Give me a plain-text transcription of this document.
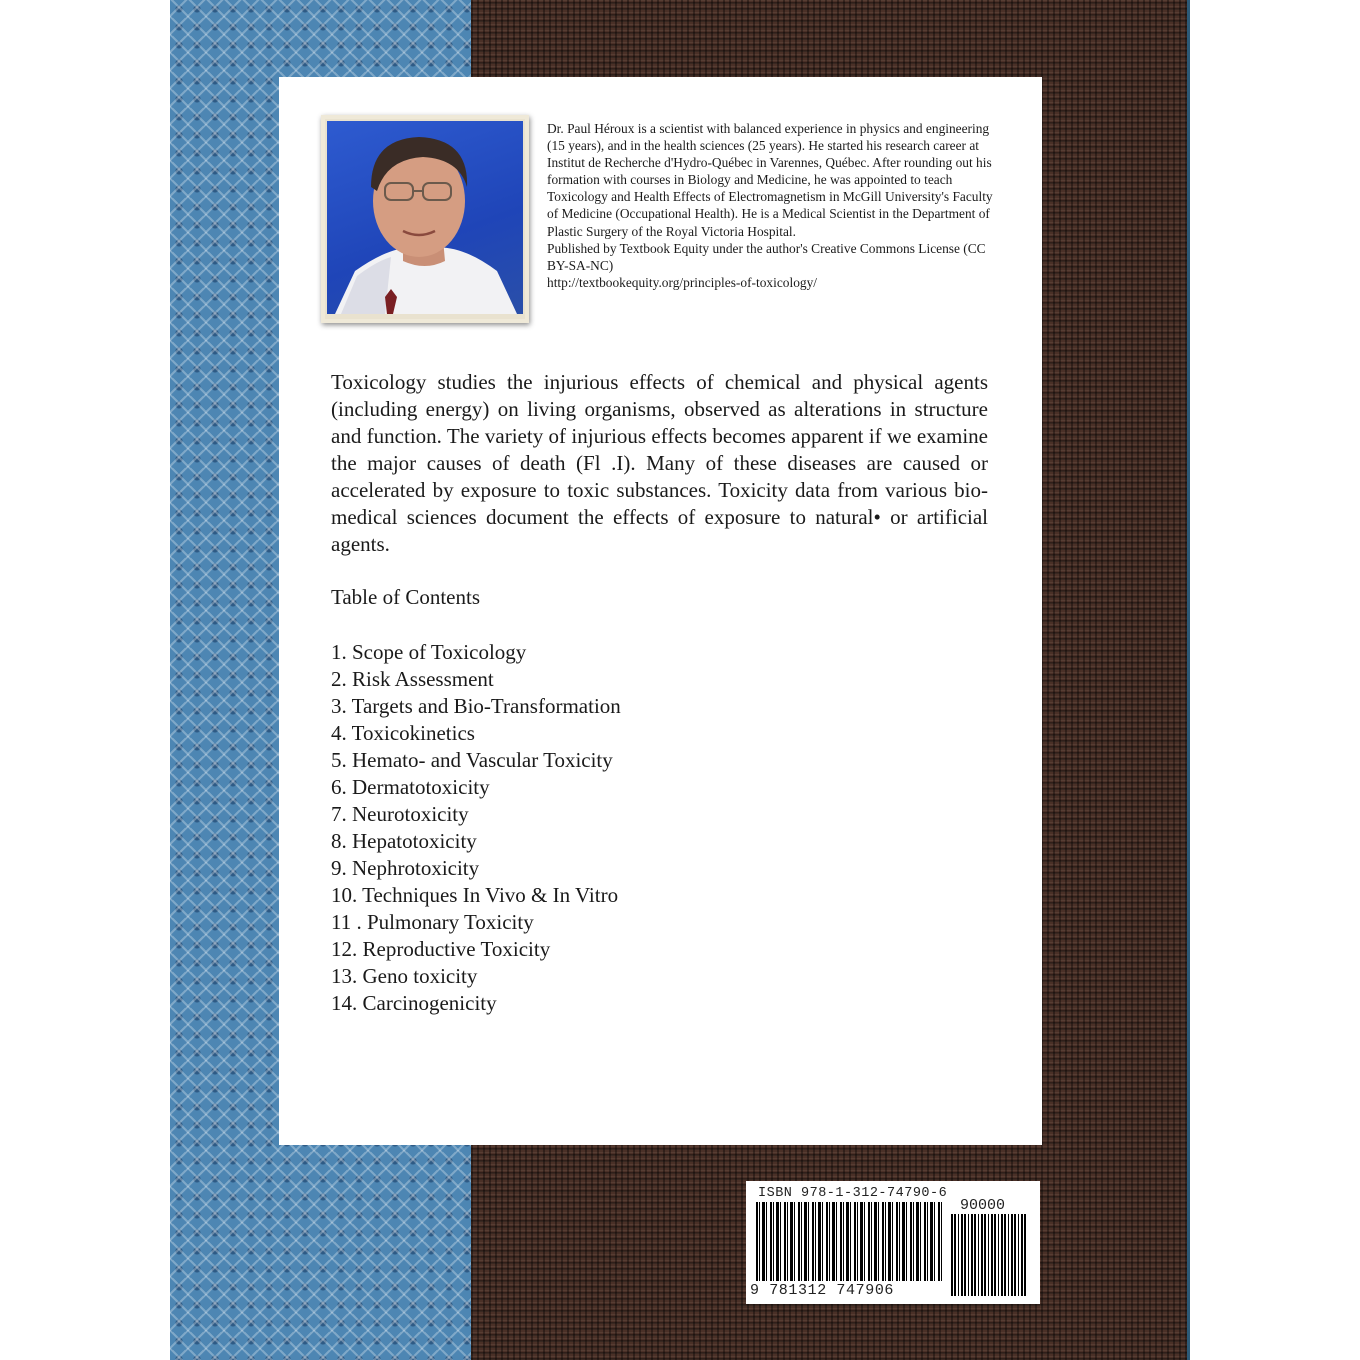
Dr. Paul Héroux is a scientist with balanced experience in physics and engineering (15 years), and in the health sciences (25 years). He started his research career at Institut de Recherche d'Hydro-Québec in Varennes, Québec. After rounding out his formation with courses in Biology and Medicine, he was appointed to teach Toxicology and Health Effects of Electromagnetism in McGill University's Faculty of Medicine (Occupational Health). He is a Medical Scientist in the Department of Plastic Surgery of the Royal Victoria Hospital.

Published by Textbook Equity under the author's Creative Commons License (CC BY-SA-NC)

http://textbookequity.org/principles-of-toxicology/

Toxicology studies the injurious effects of chemical and physical agents (including energy) on living organisms, observed as alterations in structure and function. The variety of injurious effects becomes apparent if we examine the major causes of death (Fl .I). Many of these diseases are caused or accelerated by exposure to toxic substances. Toxicity data from various bio-medical sciences document the effects of exposure to natural• or artificial agents.

Table of Contents
1. Scope of Toxicology
2. Risk Assessment
3. Targets and Bio-Transformation
4. Toxicokinetics
5. Hemato- and Vascular Toxicity
6. Dermatotoxicity
7. Neurotoxicity
8. Hepatotoxicity
9. Nephrotoxicity
10. Techniques In Vivo & In Vitro
11 . Pulmonary Toxicity
12. Reproductive Toxicity
13. Geno toxicity
14. Carcinogenicity
ISBN 978-1-312-74790-6
9 781312 747906
90000
